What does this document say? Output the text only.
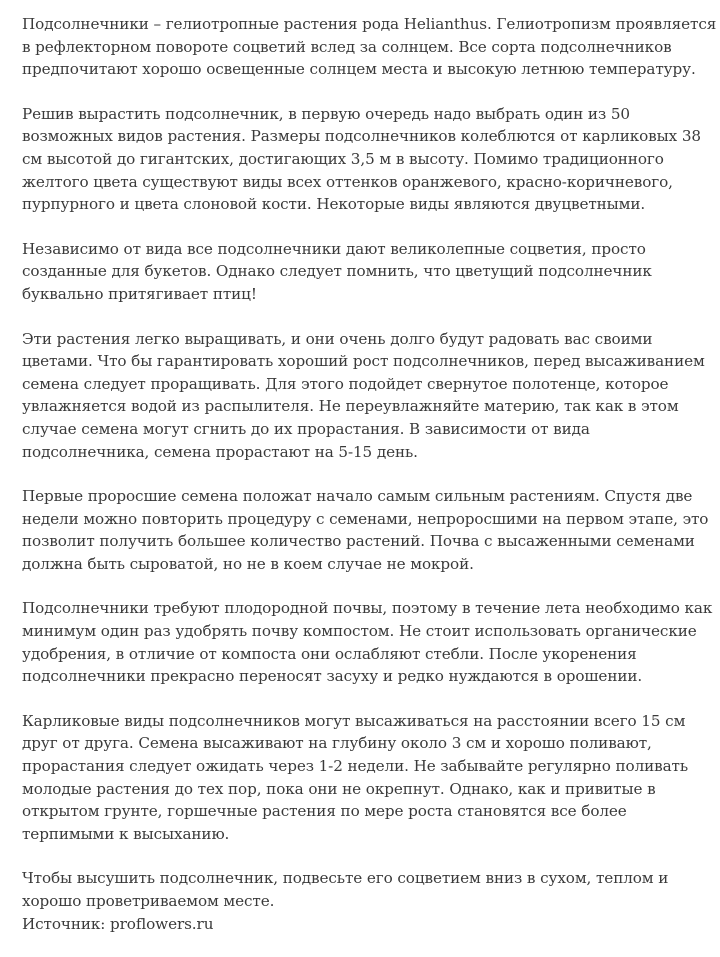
Подсолнечники – гелиотропные растения рода Helianthus. Гелиотропизм проявляется в рефлекторном повороте соцветий вслед за солнцем. Все сорта подсолнечников предпочитают хорошо освещенные солнцем места и высокую летнюю температуру.

Решив вырастить подсолнечник, в первую очередь надо выбрать один из 50 возможных видов растения. Размеры подсолнечников колеблются от карликовых 38 см высотой до гигантских, достигающих 3,5 м в высоту. Помимо традиционного желтого цвета существуют виды всех оттенков оранжевого, красно-коричневого, пурпурного и цвета слоновой кости. Некоторые виды являются двуцветными.

Независимо от вида все подсолнечники дают великолепные соцветия, просто созданные для букетов. Однако следует помнить, что цветущий подсолнечник буквально притягивает птиц!

Эти растения легко выращивать, и они очень долго будут радовать вас своими цветами. Что бы гарантировать хороший рост подсолнечников, перед высаживанием семена следует проращивать. Для этого подойдет свернутое полотенце, которое увлажняется водой из распылителя. Не переувлажняйте материю, так как в этом случае семена могут сгнить до их прорастания. В зависимости от вида подсолнечника, семена прорастают на 5-15 день.

Первые проросшие семена положат начало самым сильным растениям. Спустя две недели можно повторить процедуру с семенами, непроросшими на первом этапе, это позволит получить большее количество растений. Почва с высаженными семенами должна быть сыроватой, но не в коем случае не мокрой.

Подсолнечники требуют плодородной почвы, поэтому в течение лета необходимо как минимум один раз удобрять почву компостом. Не стоит использовать органические удобрения, в отличие от компоста они ослабляют стебли. После укоренения подсолнечники прекрасно переносят засуху и редко нуждаются в орошении.

Карликовые виды подсолнечников могут высаживаться на расстоянии всего 15 см друг от друга. Семена высаживают на глубину около 3 см и хорошо поливают, прорастания следует ожидать через 1-2 недели. Не забывайте регулярно поливать молодые растения до тех пор, пока они не окрепнут. Однако, как и привитые в открытом грунте, горшечные растения по мере роста становятся все более терпимыми к высыханию.

Чтобы высушить подсолнечник, подвесьте его соцветием вниз в сухом, теплом и хорошо проветриваемом месте.

Источник: proflowers.ru
